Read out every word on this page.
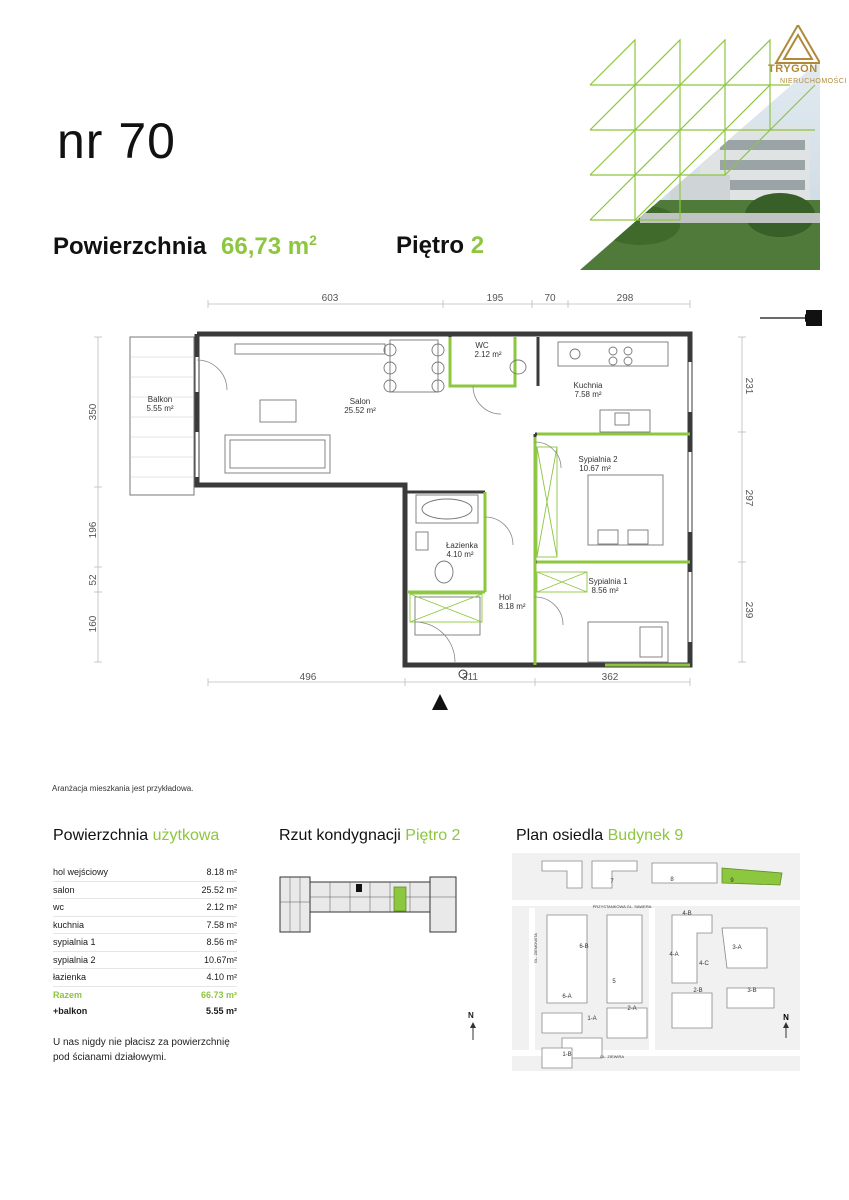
nr 70
Powierzchnia 66,73 $m^2$	Piętro 2
TRYGON
NIERUCHOMOŚCI
603	195	70	298
496	311	362
350
196
52
160
231
297
239
Balkon
5.55 m²
Salon
25.52 m²
WC
2.12 m²
Kuchnia
7.58 m²
Sypialnia 2
10.67 m²
Łazienka
4.10 m²
Hol
8.18 m²
Sypialnia 1
8.56 m²
Aranżacja mieszkania jest przykładowa.
Powierzchnia użytkowa
hol wejściowy	8.18 m²
salon	25.52 m²
wc	2.12 m²
kuchnia	7.58 m²
sypialnia 1	8.56 m²
sypialnia 2	10.67m²
łazienka	4.10 m²
Razem	66.73 m²
+balkon	5.55 m²
U nas nigdy nie płacisz za powierzchnię pod ścianami działowymi.
Rzut kondygnacji Piętro 2	Plan osiedla Budynek 9
7	8	9
4-B
6-B	3-A
4-A
4-C
5
6-A
2-B	3-B
2-A
1-A
1-B
PRZYSTANKOWA GL. SAWERA
GL. ZIEMOWITA
GL. ZIEWIRA
N
N
